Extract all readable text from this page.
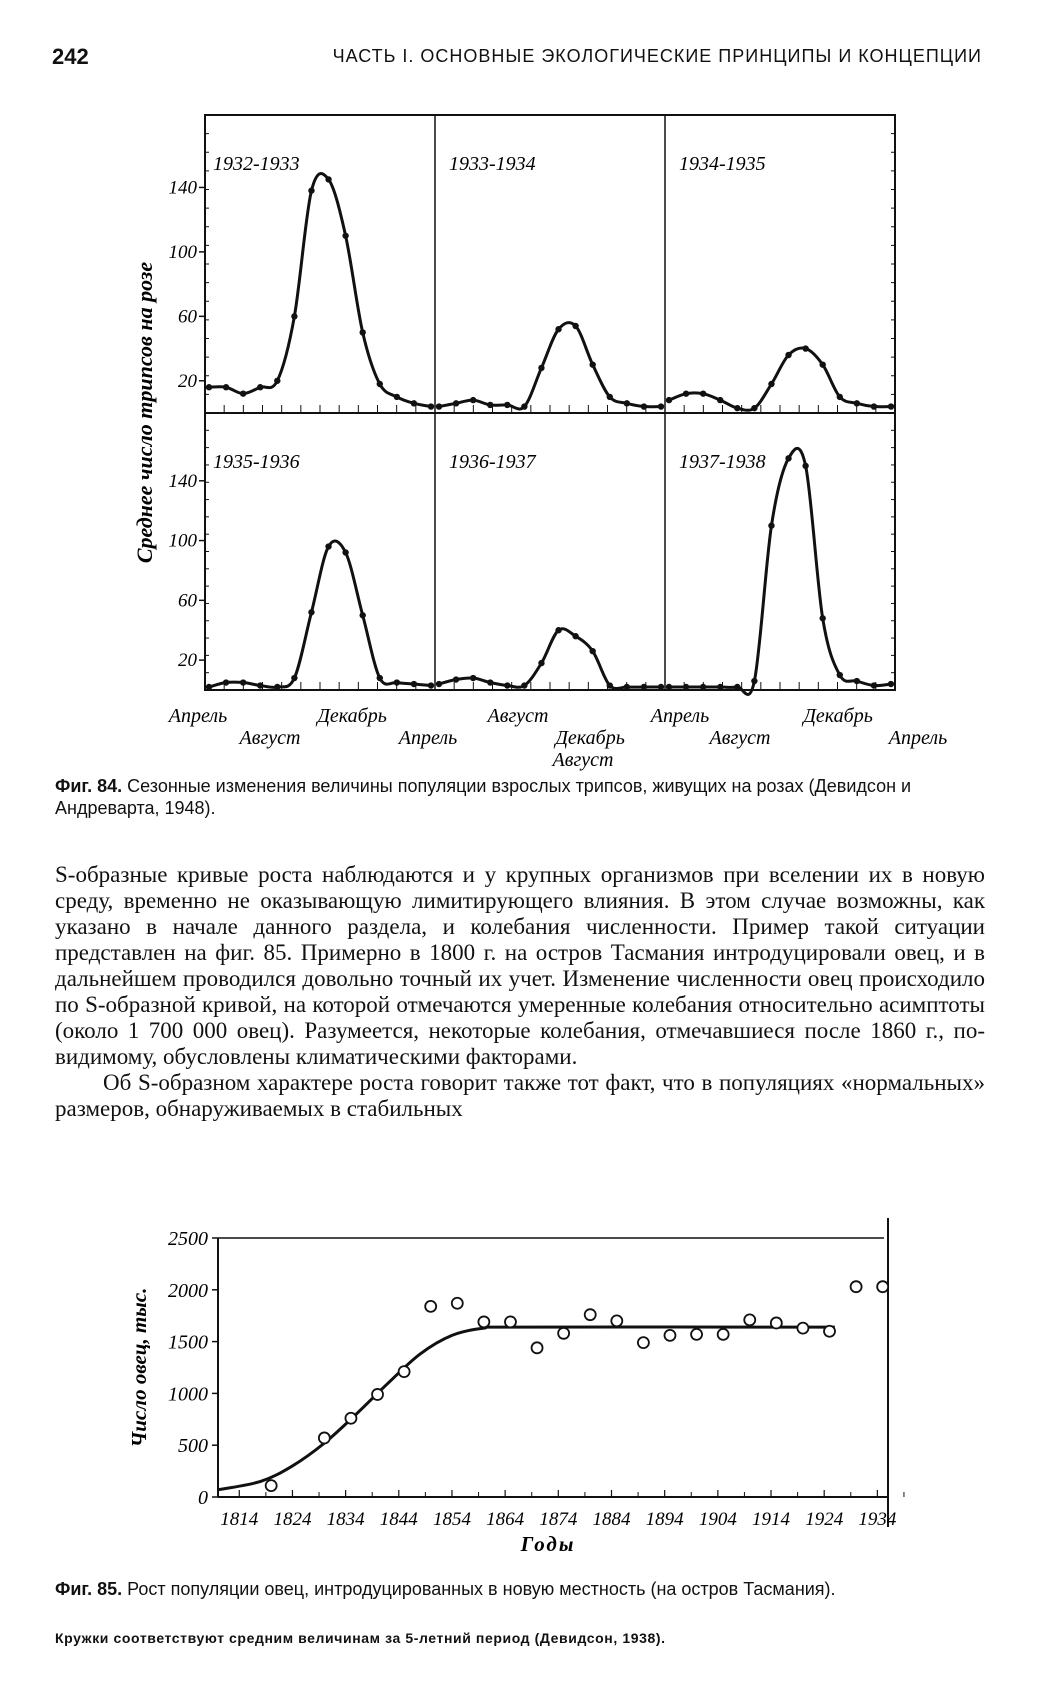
242	ЧАСТЬ I. ОСНОВНЫЕ ЭКОЛОГИЧЕСКИЕ ПРИНЦИПЫ И КОНЦЕПЦИИ
20
60
100
140
1932-1933	1933-1934	1934-1935
20
60
100
140
1935-1936	1936-1937	1937-1938
Среднее число трипсов на розе
Апрель	Декабрь	Август	Апрель	Декабрь
Август	Апрель	Декабрь	Август	Апрель
Август
Фиг. 84. Сезонные изменения величины популяции взрослых трипсов, живущих на розах (Девидсон и Андреварта, 1948).

S-образные кривые роста наблюдаются и у крупных организмов при вселении их в новую среду, временно не оказывающую лимитирующего влияния. В этом случае возможны, как указано в начале данного раздела, и колебания численности. Пример такой ситуации представлен на фиг. 85. Примерно в 1800 г. на остров Тасмания интродуцировали овец, и в дальнейшем проводился довольно точный их учет. Изменение численности овец происходило по S-образной кривой, на которой отмечаются умеренные колебания относительно асимптоты (около 1 700 000 овец). Разумеется, некоторые колебания, отмечавшиеся после 1860 г., по-видимому, обусловлены климатическими факторами.

Об S-образном характере роста говорит также тот факт, что в популяциях «нормальных» размеров, обнаруживаемых в стабильных

0
500
1000
1500
2000
2500
1814 1824 1834 1844 1854 1864 1874 1884 1894 1904 1914 1924 1934
Годы
Число овец, тыс.
Фиг. 85. Рост популяции овец, интродуцированных в новую местность (на остров Тасмания).
Кружки соответствуют средним величинам за 5-летний период (Девидсон, 1938).
